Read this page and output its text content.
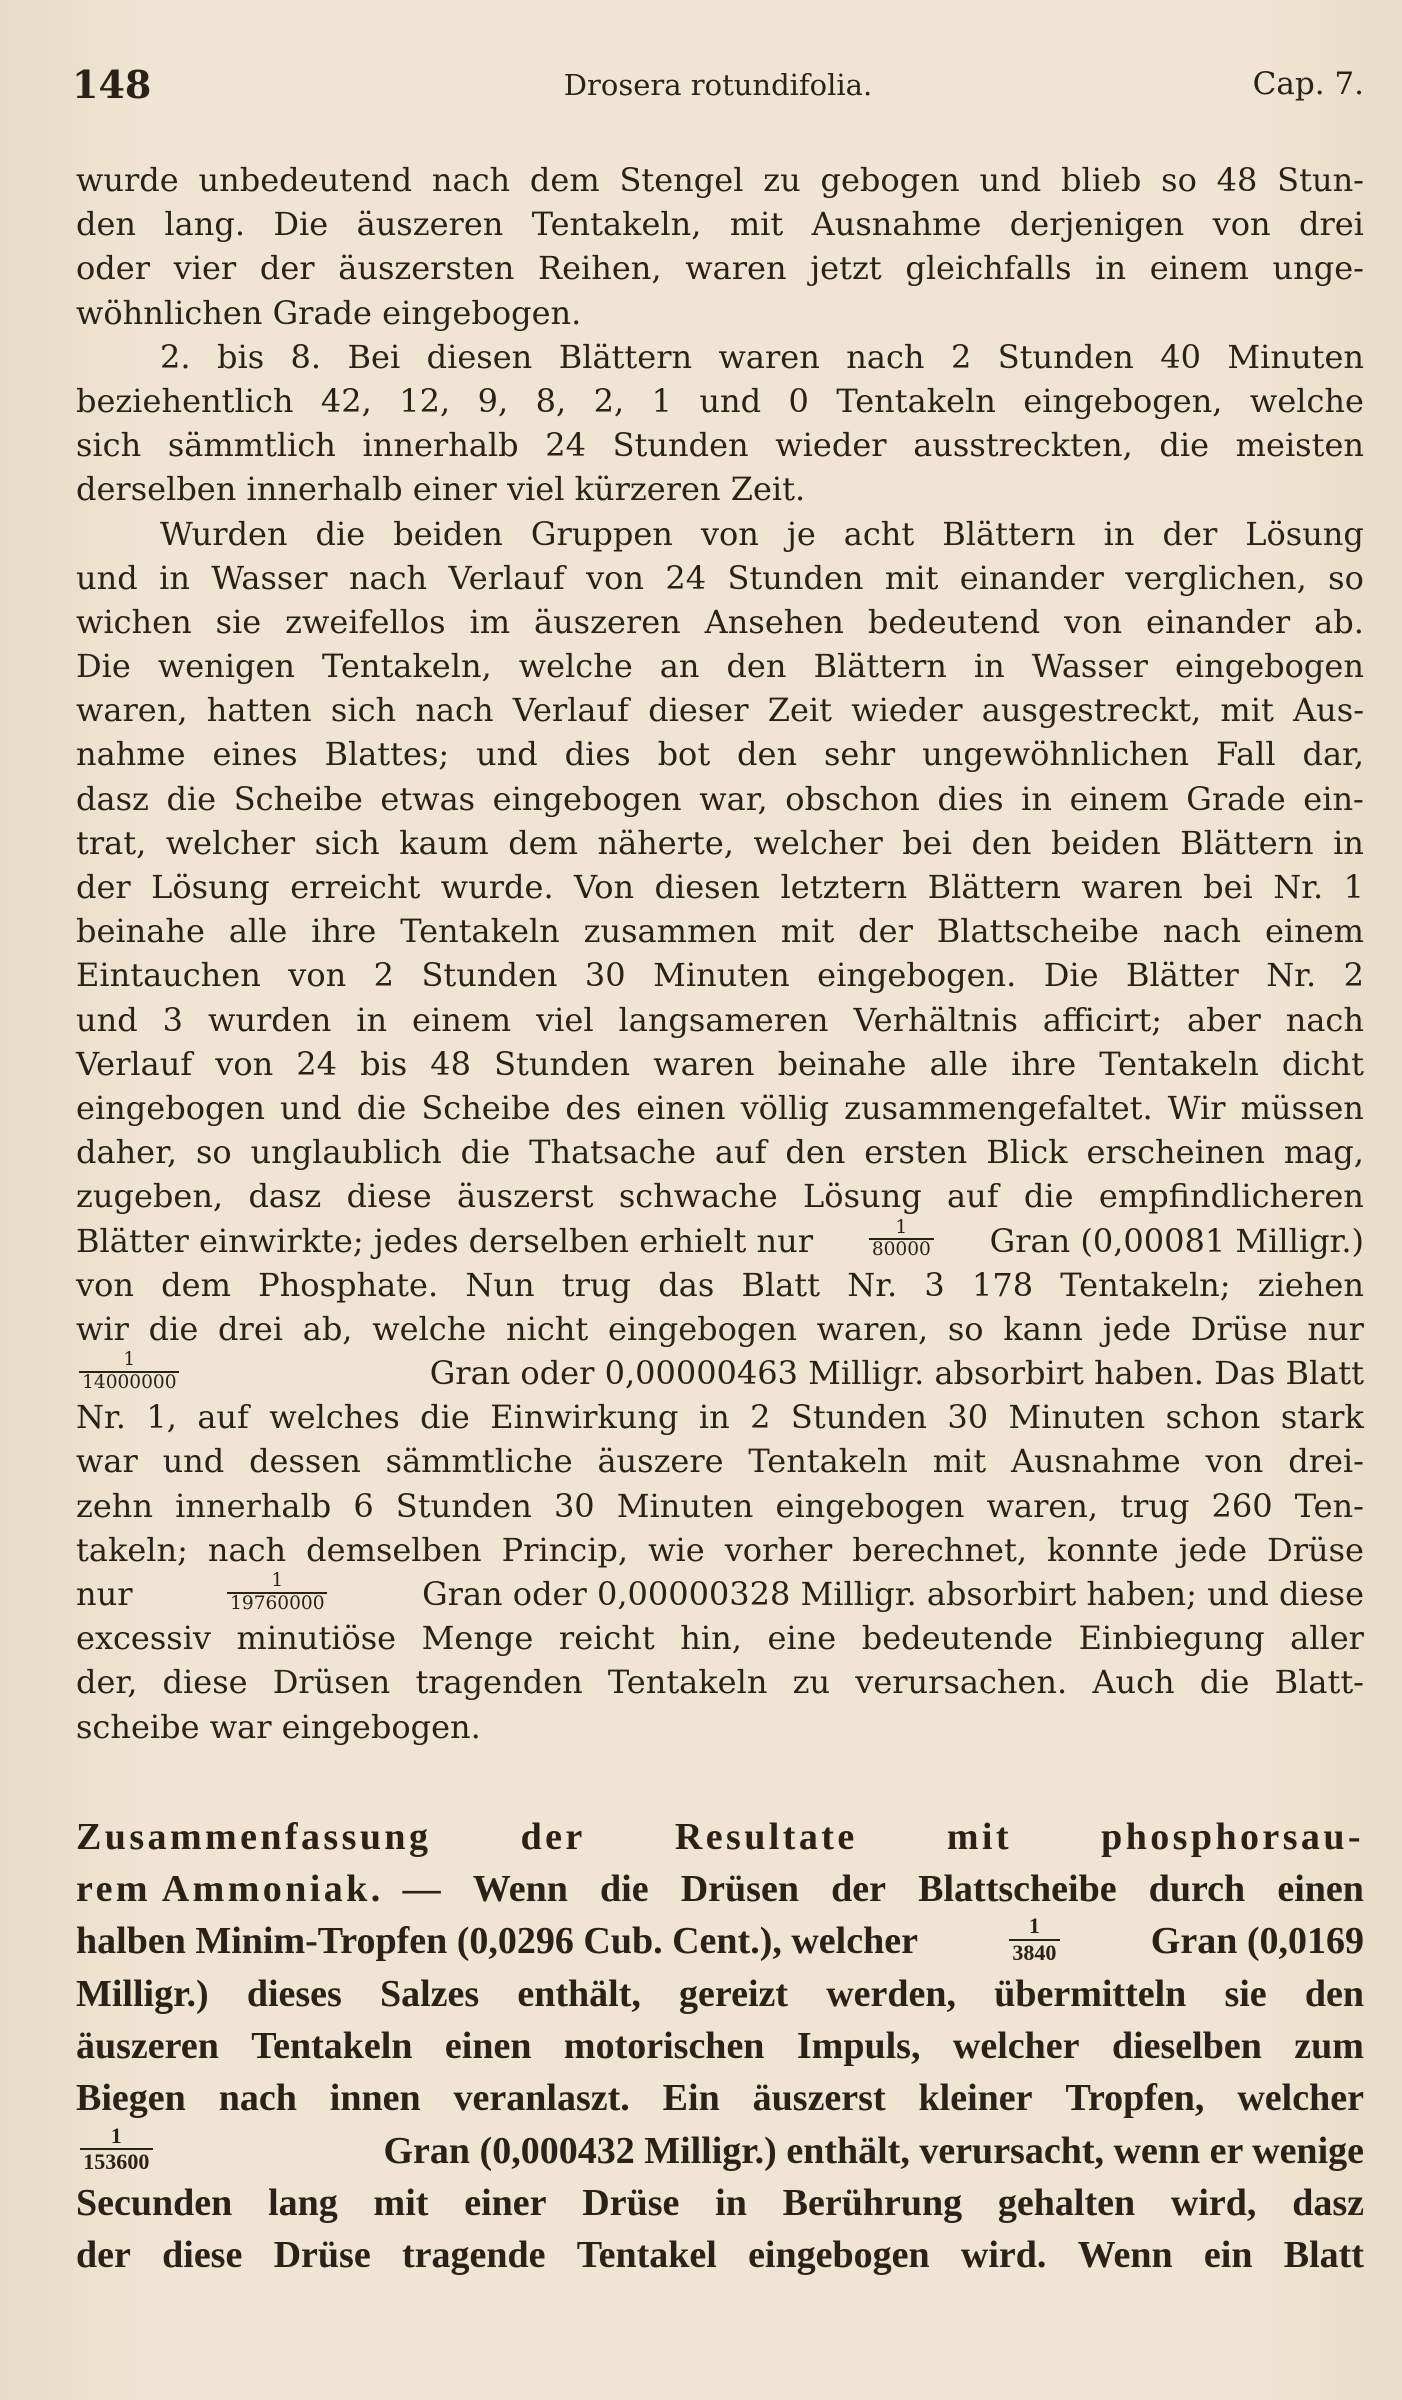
148	Drosera rotundifolia.	Cap. 7.
wurde unbedeutend nach dem Stengel zu gebogen und blieb so 48 Stun-
den lang. Die äuszeren Tentakeln, mit Ausnahme derjenigen von drei
oder vier der äuszersten Reihen, waren jetzt gleichfalls in einem unge-
wöhnlichen Grade eingebogen.
2. bis 8. Bei diesen Blättern waren nach 2 Stunden 40 Minuten
beziehentlich 42, 12, 9, 8, 2, 1 und 0 Tentakeln eingebogen, welche
sich sämmtlich innerhalb 24 Stunden wieder ausstreckten, die meisten
derselben innerhalb einer viel kürzeren Zeit.
Wurden die beiden Gruppen von je acht Blättern in der Lösung
und in Wasser nach Verlauf von 24 Stunden mit einander verglichen, so
wichen sie zweifellos im äuszeren Ansehen bedeutend von einander ab.
Die wenigen Tentakeln, welche an den Blättern in Wasser eingebogen
waren, hatten sich nach Verlauf dieser Zeit wieder ausgestreckt, mit Aus-
nahme eines Blattes; und dies bot den sehr ungewöhnlichen Fall dar,
dasz die Scheibe etwas eingebogen war, obschon dies in einem Grade ein-
trat, welcher sich kaum dem näherte, welcher bei den beiden Blättern in
der Lösung erreicht wurde. Von diesen letztern Blättern waren bei Nr. 1
beinahe alle ihre Tentakeln zusammen mit der Blattscheibe nach einem
Eintauchen von 2 Stunden 30 Minuten eingebogen. Die Blätter Nr. 2
und 3 wurden in einem viel langsameren Verhältnis afficirt; aber nach
Verlauf von 24 bis 48 Stunden waren beinahe alle ihre Tentakeln dicht
eingebogen und die Scheibe des einen völlig zusammengefaltet. Wir müssen
daher, so unglaublich die Thatsache auf den ersten Blick erscheinen mag,
zugeben, dasz diese äuszerst schwache Lösung auf die empfindlicheren
Blätter einwirkte; jedes derselben erhielt nur	$\frac{1}{80000}$ Gran (0,00081 Milligr.)
von dem Phosphate. Nun trug das Blatt Nr. 3 178 Tentakeln; ziehen
wir die drei ab, welche nicht eingebogen waren, so kann jede Drüse nur
$\frac{1}{14000000}$	Gran oder 0,00000463 Milligr. absorbirt haben. Das Blatt
Nr. 1, auf welches die Einwirkung in 2 Stunden 30 Minuten schon stark
war und dessen sämmtliche äuszere Tentakeln mit Ausnahme von drei-
zehn innerhalb 6 Stunden 30 Minuten eingebogen waren, trug 260 Ten-
takeln; nach demselben Princip, wie vorher berechnet, konnte jede Drüse
nur	$\frac{1}{19760000}$	Gran oder 0,00000328 Milligr. absorbirt haben; und diese
excessiv minutiöse Menge reicht hin, eine bedeutende Einbiegung aller
der, diese Drüsen tragenden Tentakeln zu verursachen. Auch die Blatt-
scheibe war eingebogen.
Zusammenfassung der Resultate mit phosphorsau-
rem Ammoniak. — Wenn die Drüsen der Blattscheibe durch einen
halben Minim-Tropfen (0,0296 Cub. Cent.), welcher	$\frac{1}{3840}$ Gran (0,0169
Milligr.) dieses Salzes enthält, gereizt werden, übermitteln sie den
äuszeren Tentakeln einen motorischen Impuls, welcher dieselben zum
Biegen nach innen veranlaszt. Ein äuszerst kleiner Tropfen, welcher
$\frac{1}{153600}$	Gran (0,000432 Milligr.) enthält, verursacht, wenn er wenige
Secunden lang mit einer Drüse in Berührung gehalten wird, dasz
der diese Drüse tragende Tentakel eingebogen wird. Wenn ein Blatt
